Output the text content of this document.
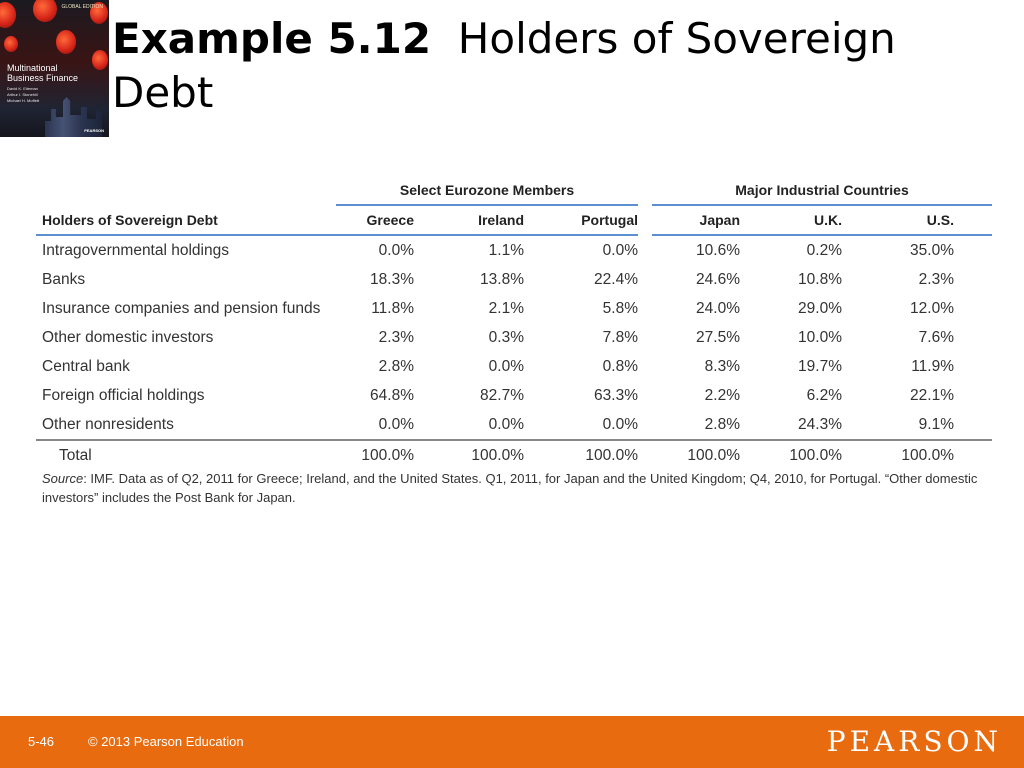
GLOBAL EDITION
Multinational
Business Finance
David K. Eiteman
Arthur I. Stonehill
Michael H. Moffett
PEARSON
Example 5.12 Holders of Sovereign Debt
	Select Eurozone Members				Major Industrial Countries			
Holders of Sovereign Debt	Greece	Ireland	Portugal		Japan	U.K.	U.S.	
Intragovernmental holdings	0.0%	1.1%	0.0%		10.6%	0.2%	35.0%	
Banks	18.3%	13.8%	22.4%		24.6%	10.8%	2.3%	
Insurance companies and pension funds	11.8%	2.1%	5.8%		24.0%	29.0%	12.0%	
Other domestic investors	2.3%	0.3%	7.8%		27.5%	10.0%	7.6%	
Central bank	2.8%	0.0%	0.8%		8.3%	19.7%	11.9%	
Foreign official holdings	64.8%	82.7%	63.3%		2.2%	6.2%	22.1%	
Other nonresidents	0.0%	0.0%	0.0%		2.8%	24.3%	9.1%	
Total	100.0%	100.0%	100.0%		100.0%	100.0%	100.0%	
Source: IMF. Data as of Q2, 2011 for Greece; Ireland, and the United States. Q1, 2011, for Japan and the United Kingdom; Q4, 2010, for Portugal. “Other domestic investors” includes the Post Bank for Japan.
5-46	© 2013 Pearson Education	PEARSON
